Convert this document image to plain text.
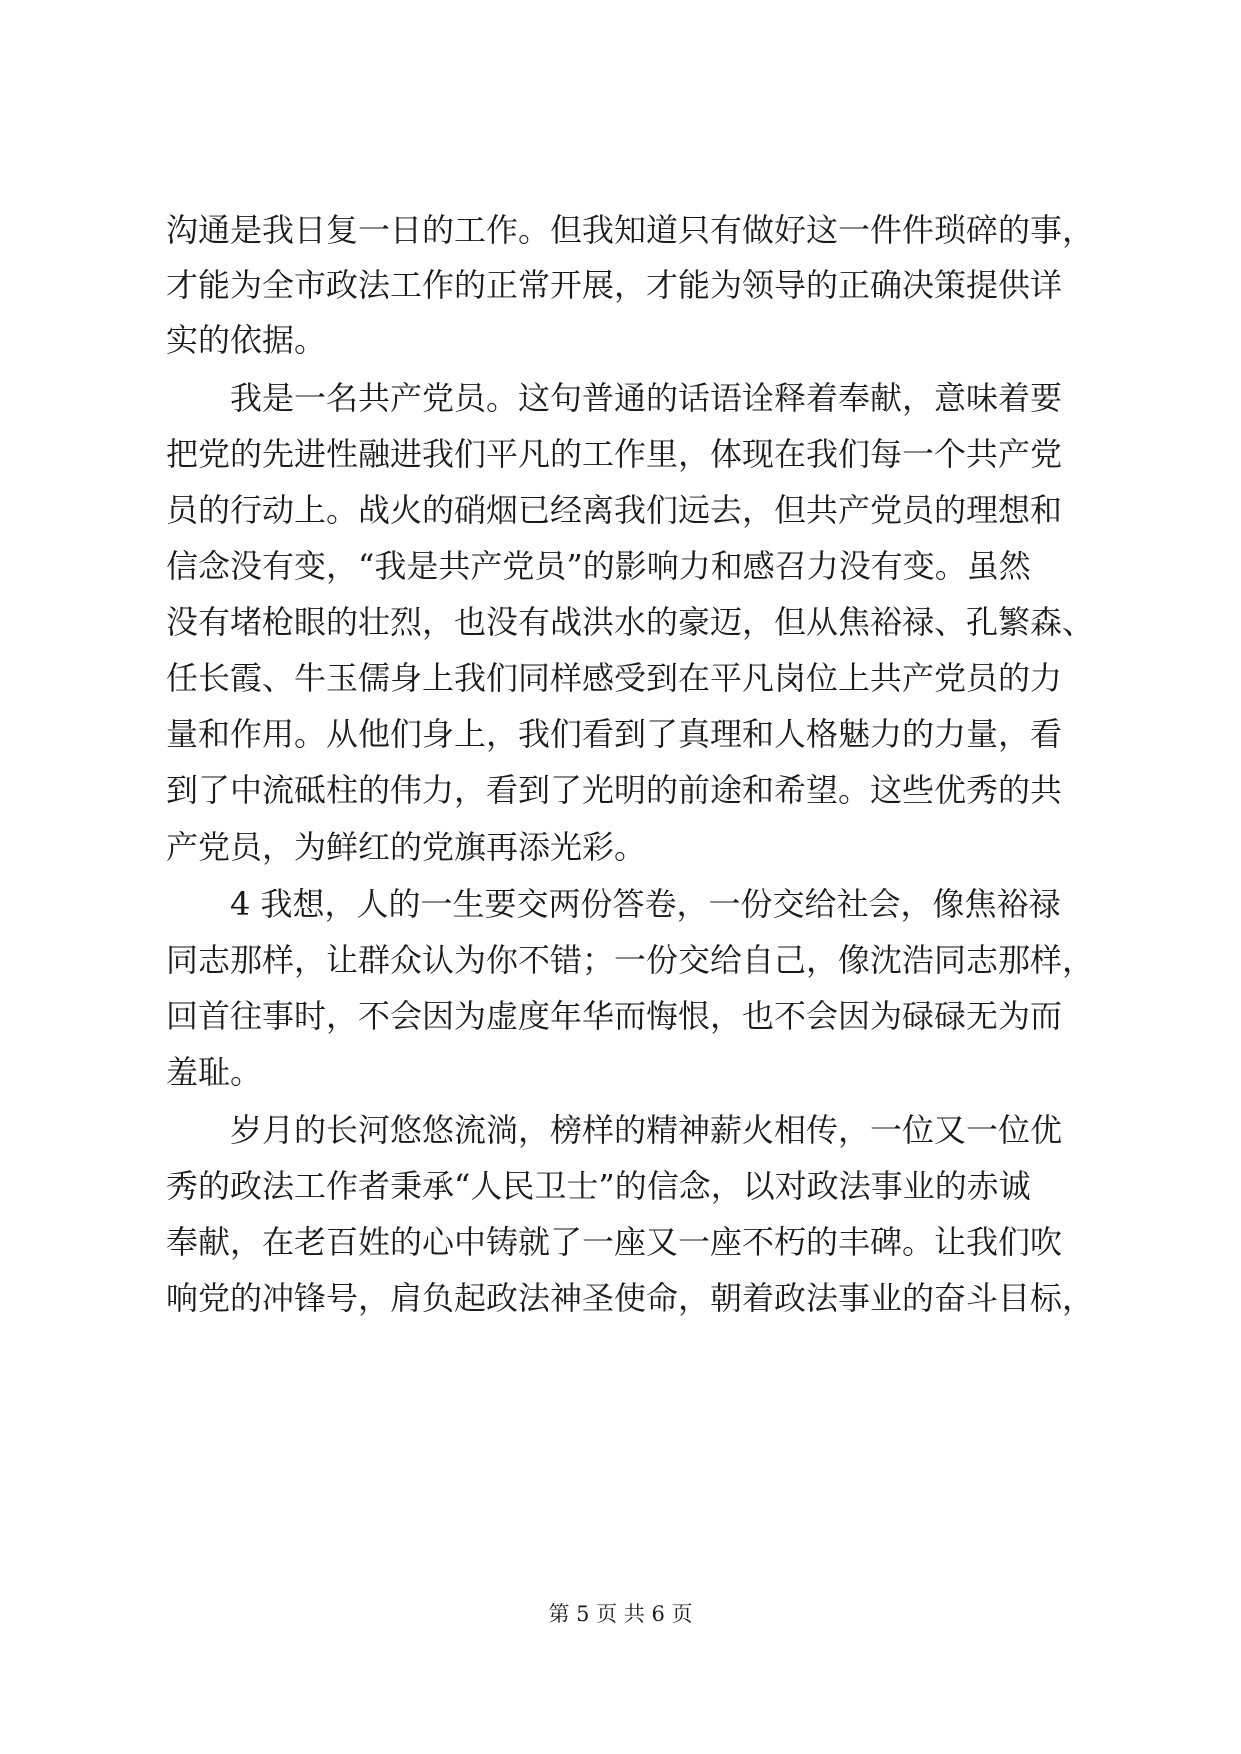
沟通是我日复一日的工作。但我知道只有做好这一件件琐碎的事，

才能为全市政法工作的正常开展，才能为领导的正确决策提供详

实的依据。

　　我是一名共产党员。这句普通的话语诠释着奉献，意味着要

把党的先进性融进我们平凡的工作里，体现在我们每一个共产党

员的行动上。战火的硝烟已经离我们远去，但共产党员的理想和

信念没有变，“我是共产党员”的影响力和感召力没有变。虽然

没有堵枪眼的壮烈，也没有战洪水的豪迈，但从焦裕禄、孔繁森、

任长霞、牛玉儒身上我们同样感受到在平凡岗位上共产党员的力

量和作用。从他们身上，我们看到了真理和人格魅力的力量，看

到了中流砥柱的伟力，看到了光明的前途和希望。这些优秀的共

产党员，为鲜红的党旗再添光彩。

　　4 我想，人的一生要交两份答卷，一份交给社会，像焦裕禄

同志那样，让群众认为你不错；一份交给自己，像沈浩同志那样，

回首往事时，不会因为虚度年华而悔恨，也不会因为碌碌无为而

羞耻。

　　岁月的长河悠悠流淌，榜样的精神薪火相传，一位又一位优

秀的政法工作者秉承“人民卫士”的信念，以对政法事业的赤诚

奉献，在老百姓的心中铸就了一座又一座不朽的丰碑。让我们吹

响党的冲锋号，肩负起政法神圣使命，朝着政法事业的奋斗目标，

第 5 页 共 6 页
